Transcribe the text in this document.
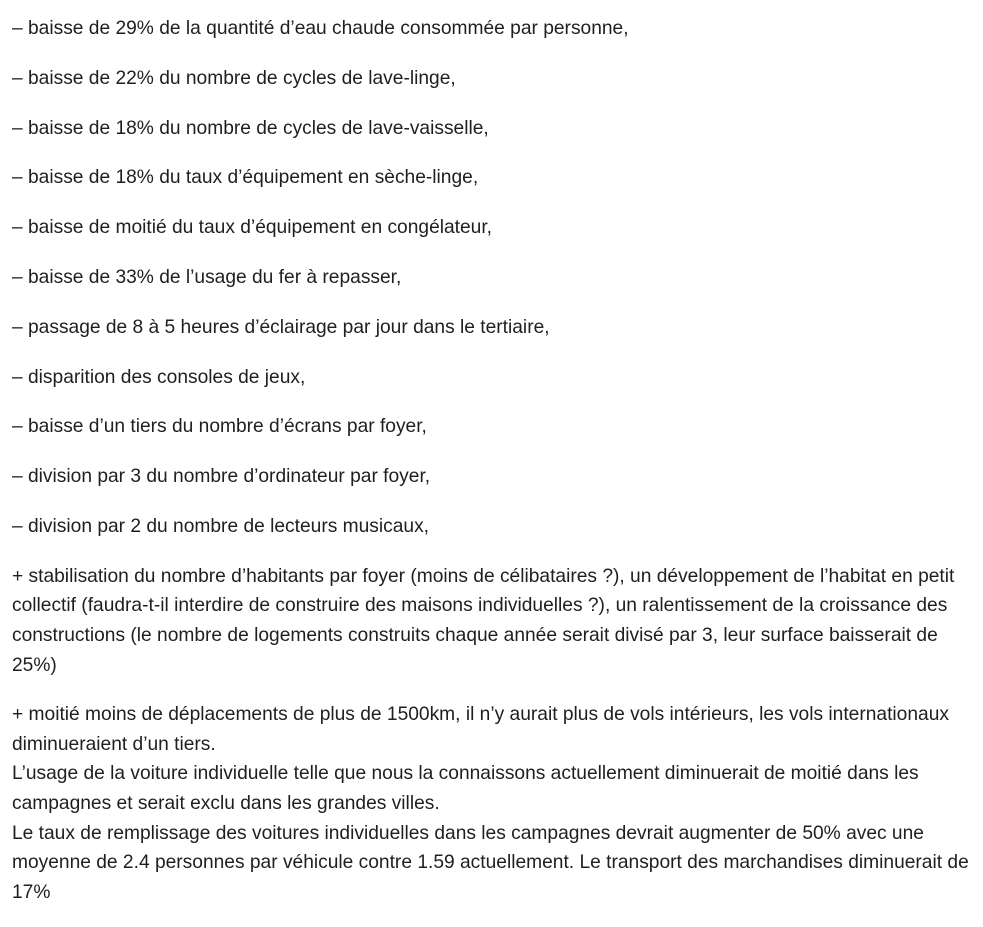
– baisse de 29% de la quantité d’eau chaude consommée par personne,
– baisse de 22% du nombre de cycles de lave-linge,
– baisse de 18% du nombre de cycles de lave-vaisselle,
– baisse de 18% du taux d’équipement en sèche-linge,
– baisse de moitié du taux d’équipement en congélateur,
– baisse de 33% de l’usage du fer à repasser,
– passage de 8 à 5 heures d’éclairage par jour dans le tertiaire,
– disparition des consoles de jeux,
– baisse d’un tiers du nombre d’écrans par foyer,
– division par 3 du nombre d’ordinateur par foyer,
– division par 2 du nombre de lecteurs musicaux,

+ stabilisation du nombre d’habitants par foyer (moins de célibataires ?), un développement de l’habitat en petit collectif (faudra-t-il interdire de construire des maisons individuelles ?), un ralentissement de la croissance des constructions (le nombre de logements construits chaque année serait divisé par 3, leur surface baisserait de 25%)

+ moitié moins de déplacements de plus de 1500km, il n’y aurait plus de vols intérieurs, les vols internationaux diminueraient d’un tiers.

L’usage de la voiture individuelle telle que nous la connaissons actuellement diminuerait de moitié dans les campagnes et serait exclu dans les grandes villes.

Le taux de remplissage des voitures individuelles dans les campagnes devrait augmenter de 50% avec une moyenne de 2.4 personnes par véhicule contre 1.59 actuellement. Le transport des marchandises diminuerait de 17%
